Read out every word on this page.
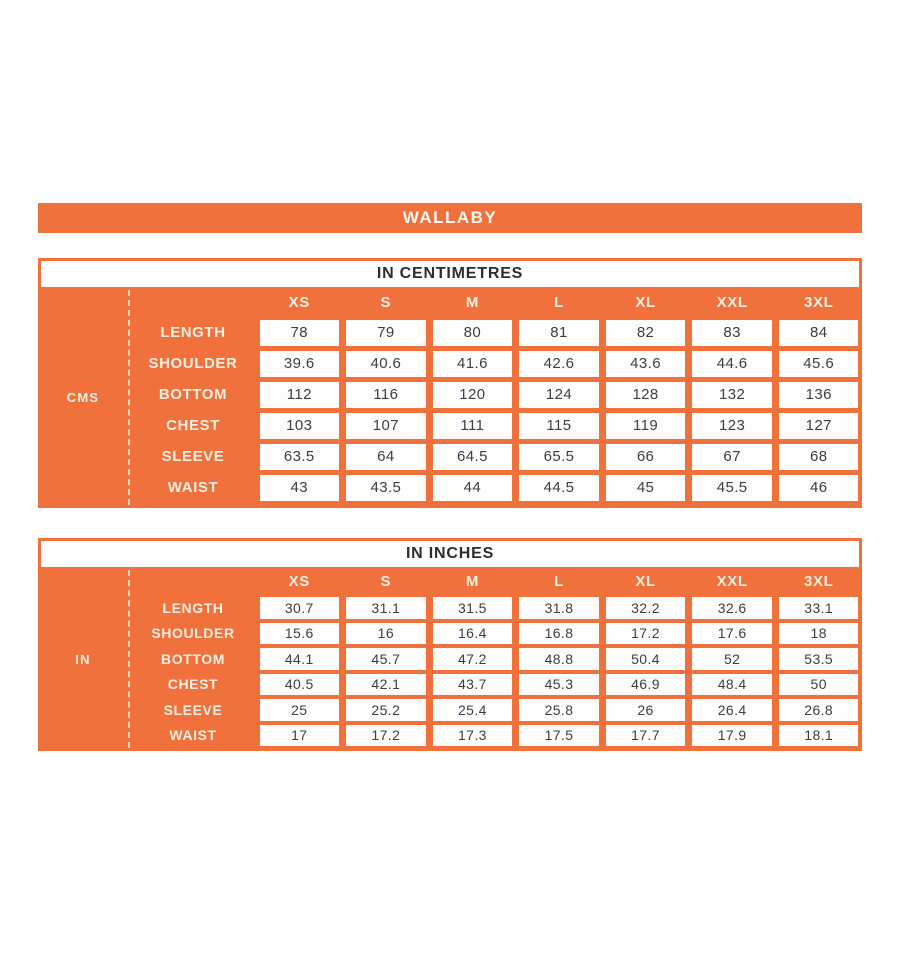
WALLABY
IN CENTIMETRES
CMS
XS	S	M	L	XL	XXL	3XL
LENGTH	78	79	80	81	82	83	84
SHOULDER	39.6	40.6	41.6	42.6	43.6	44.6	45.6
BOTTOM	112	116	120	124	128	132	136
CHEST	103	107	111	115	119	123	127
SLEEVE	63.5	64	64.5	65.5	66	67	68
WAIST	43	43.5	44	44.5	45	45.5	46
IN INCHES
IN
XS	S	M	L	XL	XXL	3XL
LENGTH	30.7	31.1	31.5	31.8	32.2	32.6	33.1
SHOULDER	15.6	16	16.4	16.8	17.2	17.6	18
BOTTOM	44.1	45.7	47.2	48.8	50.4	52	53.5
CHEST	40.5	42.1	43.7	45.3	46.9	48.4	50
SLEEVE	25	25.2	25.4	25.8	26	26.4	26.8
WAIST	17	17.2	17.3	17.5	17.7	17.9	18.1
